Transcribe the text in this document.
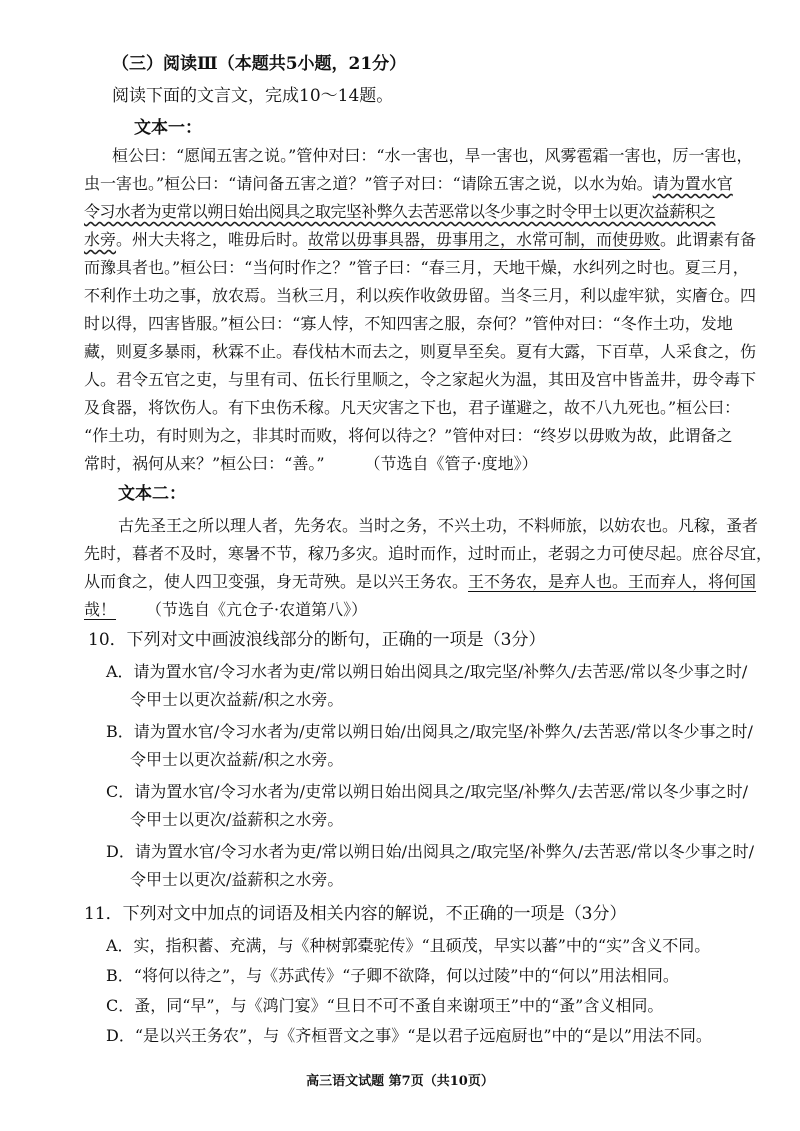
（三）阅读Ⅲ（本题共5小题，21分）
阅读下面的文言文，完成10～14题。
文本一：
桓公曰：“愿闻五害之说。”管仲对曰：“水一害也，旱一害也，风雾雹霜一害也，厉一害也，
虫一害也。”桓公曰：“请问备五害之道？”管子对曰：“请除五害之说，以水为始。请为置水官
令习水者为吏常以朔日始出阅具之取完坚补弊久去苦恶常以冬少事之时令甲士以更次益薪积之
水旁。州大夫将之，唯毋后时。故常以毋事具器，毋事用之，水常可制，而使毋败。此谓素有备
而豫具者也。”桓公曰：“当何时作之？”管子曰：“春三月，天地干燥，水纠列之时也。夏三月，
不利作土功之事，放农焉。当秋三月，利以疾作收敛毋留。当冬三月，利以虚牢狱，实廥仓。四
时以得，四害皆服。”桓公曰：“寡人悖，不知四害之服，奈何？”管仲对曰：“冬作土功，发地
藏，则夏多暴雨，秋霖不止。春伐枯木而去之，则夏旱至矣。夏有大露，下百草，人采食之，伤
人。君令五官之吏，与里有司、伍长行里顺之，令之家起火为温，其田及宫中皆盖井，毋令毒下
及食器，将饮伤人。有下虫伤禾稼。凡天灾害之下也，君子谨避之，故不八九死也。”桓公曰：
“作土功，有时则为之，非其时而败，将何以待之？”管仲对曰：“终岁以毋败为故，此谓备之
常时，祸何从来？”桓公曰：“善。”	（节选自《管子·度地》）
文本二：
古先圣王之所以理人者，先务农。当时之务，不兴土功，不料师旅，以妨农也。凡稼，蚤者
先时，暮者不及时，寒暑不节，稼乃多灾。追时而作，过时而止，老弱之力可使尽起。庶谷尽宜，
从而食之，使人四卫变强，身无苛殃。是以兴王务农。王不务农，是弃人也。王而弃人，将何国
哉！ （节选自《亢仓子·农道第八》）
10．下列对文中画波浪线部分的断句，正确的一项是（3分）
A．请为置水官/令习水者为吏/常以朔日始出阅具之/取完坚/补弊久/去苦恶/常以冬少事之时/
令甲士以更次益薪/积之水旁。
B．请为置水官/令习水者为/吏常以朔日始/出阅具之/取完坚/补弊久/去苦恶/常以冬少事之时/
令甲士以更次益薪/积之水旁。
C．请为置水官/令习水者为/吏常以朔日始出阅具之/取完坚/补弊久/去苦恶/常以冬少事之时/
令甲士以更次/益薪积之水旁。
D．请为置水官/令习水者为吏/常以朔日始/出阅具之/取完坚/补弊久/去苦恶/常以冬少事之时/
令甲士以更次/益薪积之水旁。
11．下列对文中加点的词语及相关内容的解说，不正确的一项是（3分）
A．实，指积蓄、充满，与《种树郭橐驼传》“且硕茂，早实以蕃”中的“实”含义不同。
B．“将何以待之”，与《苏武传》“子卿不欲降，何以过陵”中的“何以”用法相同。
C．蚤，同“早”，与《鸿门宴》“旦日不可不蚤自来谢项王”中的“蚤”含义相同。
D．“是以兴王务农”，与《齐桓晋文之事》“是以君子远庖厨也”中的“是以”用法不同。
高三语文试题 第7页（共10页）
